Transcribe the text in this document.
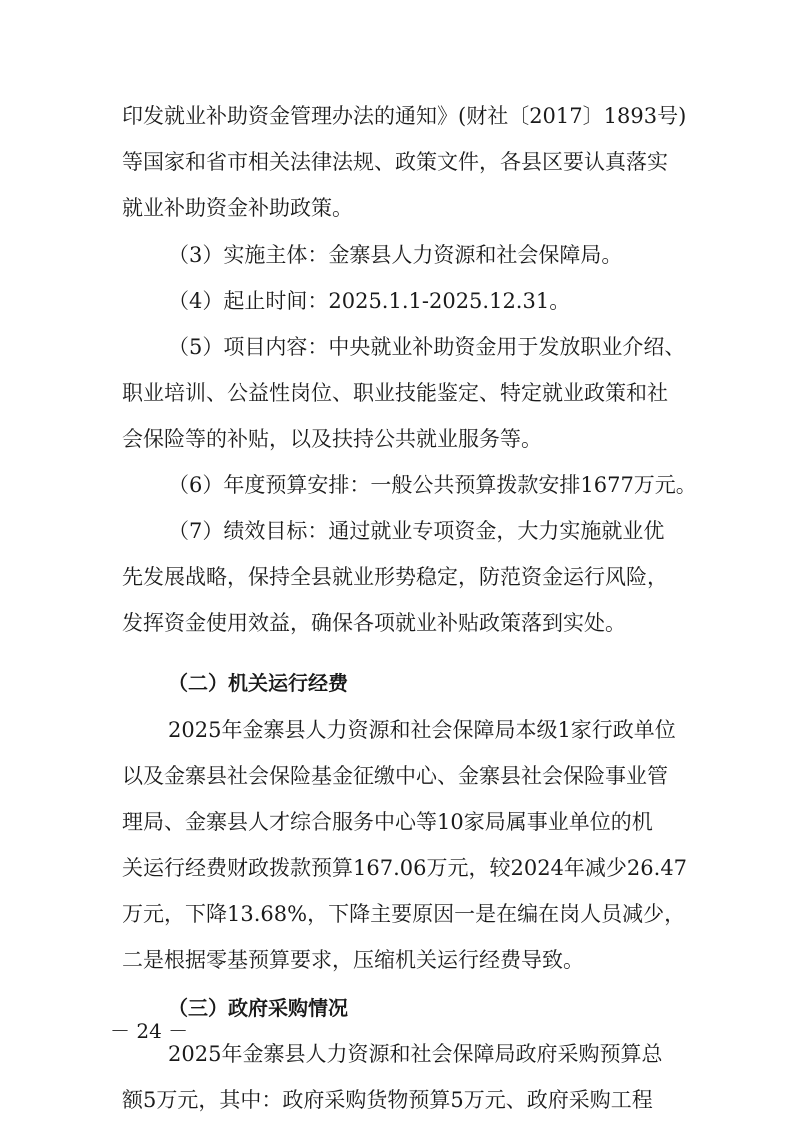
印发就业补助资金管理办法的通知》(财社〔2017〕1893号)
等国家和省市相关法律法规、政策文件，各县区要认真落实
就业补助资金补助政策。
（3）实施主体：金寨县人力资源和社会保障局。
（4）起止时间：2025.1.1-2025.12.31。
（5）项目内容：中央就业补助资金用于发放职业介绍、
职业培训、公益性岗位、职业技能鉴定、特定就业政策和社
会保险等的补贴，以及扶持公共就业服务等。
（6）年度预算安排：一般公共预算拨款安排1677万元。
（7）绩效目标：通过就业专项资金，大力实施就业优
先发展战略，保持全县就业形势稳定，防范资金运行风险，
发挥资金使用效益，确保各项就业补贴政策落到实处。
（二）机关运行经费
2025年金寨县人力资源和社会保障局本级1家行政单位
以及金寨县社会保险基金征缴中心、金寨县社会保险事业管
理局、金寨县人才综合服务中心等10家局属事业单位的机
关运行经费财政拨款预算167.06万元，较2024年减少26.47
万元，下降13.68%，下降主要原因一是在编在岗人员减少，
二是根据零基预算要求，压缩机关运行经费导致。
（三）政府采购情况
2025年金寨县人力资源和社会保障局政府采购预算总
额5万元，其中：政府采购货物预算5万元、政府采购工程
－ 24 －
